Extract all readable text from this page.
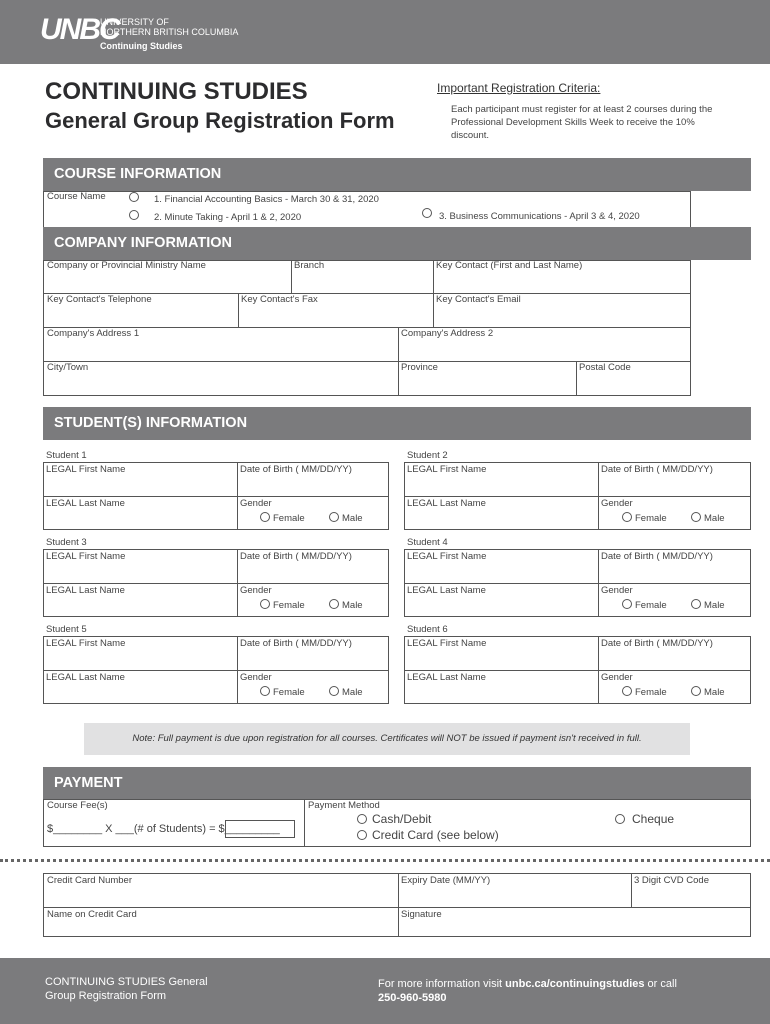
UNBC
UNIVERSITY OF
NORTHERN BRITISH COLUMBIA
Continuing Studies
CONTINUING STUDIES
General Group Registration Form
Important Registration Criteria:
Each participant must register for at least 2 courses during the Professional Development Skills Week to receive the 10% discount.
COURSE INFORMATION
Course Name	1. Financial Accounting Basics - March 30 & 31, 2020
2. Minute Taking - April 1 & 2, 2020	3. Business Communications - April 3 & 4, 2020
COMPANY INFORMATION
Company or Provincial Ministry Name	Branch	Key Contact (First and Last Name)
Key Contact's Telephone	Key Contact's Fax	Key Contact's Email
Company's Address 1	Company's Address 2
City/Town	Province	Postal Code
STUDENT(S) INFORMATION
Student 1
LEGAL First Name	Date of Birth ( MM/DD/YY)
LEGAL Last Name	Gender
Female	Male
Student 2
LEGAL First Name	Date of Birth ( MM/DD/YY)
LEGAL Last Name	Gender
Female	Male
Student 3
LEGAL First Name	Date of Birth ( MM/DD/YY)
LEGAL Last Name	Gender
Female	Male
Student 4
LEGAL First Name	Date of Birth ( MM/DD/YY)
LEGAL Last Name	Gender
Female	Male
Student 5
LEGAL First Name	Date of Birth ( MM/DD/YY)
LEGAL Last Name	Gender
Female	Male
Student 6
LEGAL First Name	Date of Birth ( MM/DD/YY)
LEGAL Last Name	Gender
Female	Male
Note: Full payment is due upon registration for all courses. Certificates will NOT be issued if payment isn't received in full.
PAYMENT
Course Fee(s)
$________ X ___(# of Students) = $_________
Payment Method
Cash/Debit
Credit Card (see below)
Cheque
Credit Card Number	Expiry Date (MM/YY)	3 Digit CVD Code
Name on Credit Card	Signature
CONTINUING STUDIES General Group Registration Form
For more information visit unbc.ca/continuingstudies or call
250-960-5980
